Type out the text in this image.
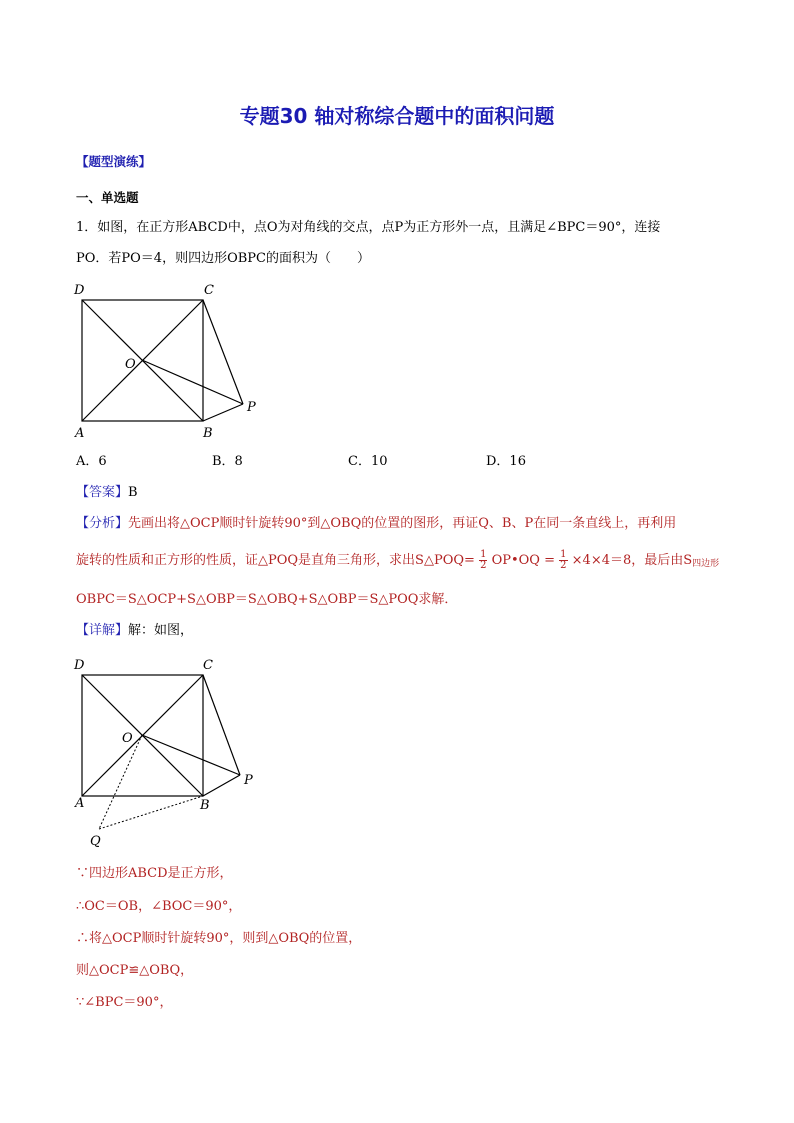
专题30 轴对称综合题中的面积问题
【题型演练】
一、单选题
1．如图，在正方形ABCD中，点O为对角线的交点，点P为正方形外一点，且满足∠BPC＝90°，连接
PO．若PO＝4，则四边形OBPC的面积为（　　）
D	C
O
P
A	B
A．6	B．8	C．10	D．16
【答案】B
【分析】先画出将△OCP顺时针旋转90°到△OBQ的位置的图形，再证Q、B、P在同一条直线上，再利用
旋转的性质和正方形的性质，证△POQ是直角三角形，求出S△POQ= $\frac{1}{2}$ OP•OQ = $\frac{1}{2} \times 4\times 4=8$，最后由$S_{四边形}$
OBPC＝S△OCP+S△OBP＝S△OBQ+S△OBP＝S△POQ求解．
【详解】解：如图，
D	C
O
P
A	B
Q
∵四边形ABCD是正方形，
∴OC＝OB，∠BOC＝90°，
∴将△OCP顺时针旋转90°，则到△OBQ的位置，
则△OCP≌△OBQ，
∵∠BPC＝90°，
